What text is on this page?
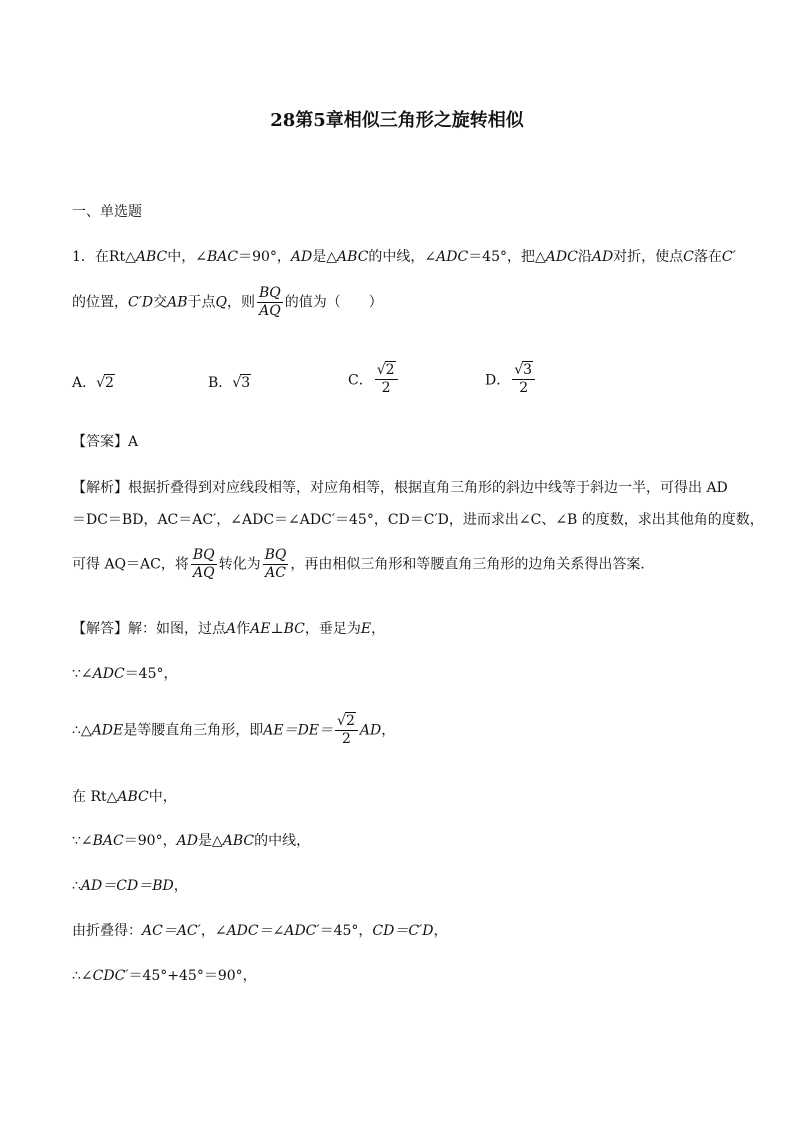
28第5章相似三角形之旋转相似
一、单选题
1．在Rt△ABC中，∠BAC＝90°，AD是△ABC的中线，∠ADC＝45°，把△ADC沿AD对折，使点C落在C′
的位置，C′D交AB于点Q，则 $\frac{BQ}{AQ}$ 的值为（　　）
A．√2	B．√3	C． $\frac{√2}{2}$	D． $\frac{√3}{2}$
【答案】A
【解析】根据折叠得到对应线段相等，对应角相等，根据直角三角形的斜边中线等于斜边一半，可得出 AD
＝DC＝BD，AC＝AC′，∠ADC＝∠ADC′＝45°，CD＝C′D，进而求出∠C、∠B 的度数，求出其他角的度数，
可得 AQ＝AC，将 $\frac{BQ}{AQ}$ 转化为 $\frac{BQ}{AC}$ ，再由相似三角形和等腰直角三角形的边角关系得出答案．
【解答】解：如图，过点A作AE⊥BC，垂足为E，
∵∠ADC＝45°，
∴△ADE是等腰直角三角形，即$AE=DE= \frac{√2}{2}$ AD，
在 Rt△ABC中，
∵∠BAC＝90°，AD是△ABC的中线，
∴AD＝CD＝BD，
由折叠得：AC＝AC′，∠ADC＝∠ADC′＝45°，CD＝C′D，
∴∠CDC′＝45°+45°＝90°，
